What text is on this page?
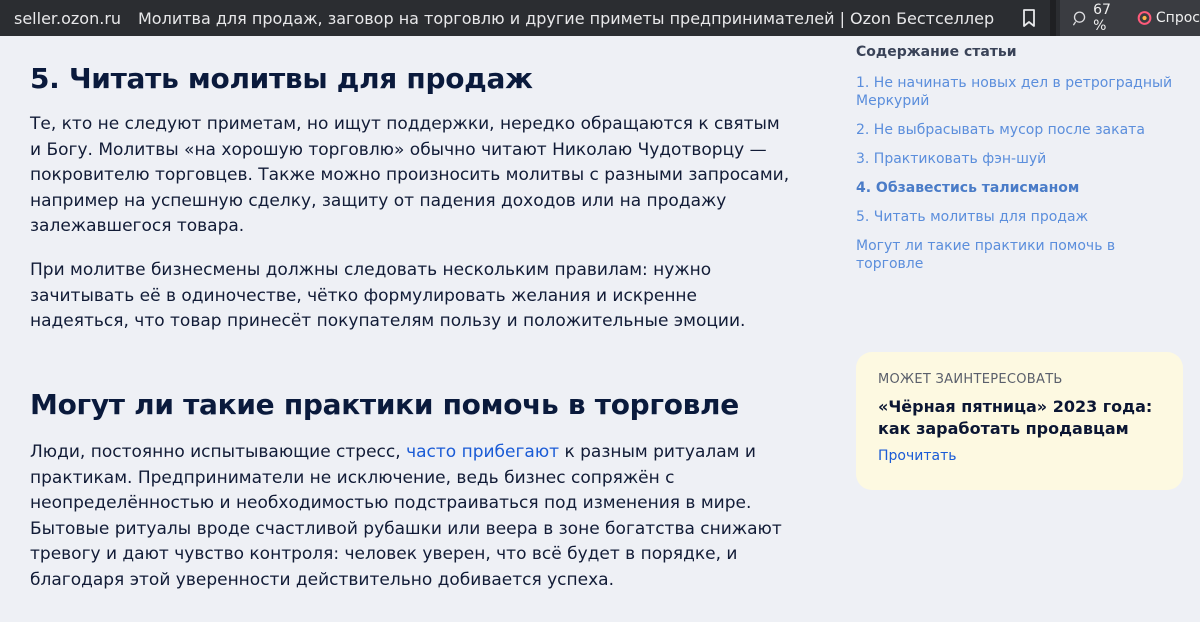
seller.ozon.ru	Молитва для продаж, заговор на торговлю и другие приметы предпринимателей | Ozon Бестселлер	67 %	Спрос
5. Читать молитвы для продаж

Те, кто не следуют приметам, но ищут поддержки, нередко обращаются к святым и Богу. Молитвы «на хорошую торговлю» обычно читают Николаю Чудотворцу — покровителю торговцев. Также можно произносить молитвы с разными запросами, например на успешную сделку, защиту от падения доходов или на продажу залежавшегося товара.

При молитве бизнесмены должны следовать нескольким правилам: нужно зачитывать её в одиночестве, чётко формулировать желания и искренне надеяться, что товар принесёт покупателям пользу и положительные эмоции.

Могут ли такие практики помочь в торговле

Люди, постоянно испытывающие стресс, часто прибегают к разным ритуалам и практикам. Предприниматели не исключение, ведь бизнес сопряжён с неопределённостью и необходимостью подстраиваться под изменения в мире. Бытовые ритуалы вроде счастливой рубашки или веера в зоне богатства снижают тревогу и дают чувство контроля: человек уверен, что всё будет в порядке, и благодаря этой уверенности действительно добивается успеха.

Содержание статьи
1. Не начинать новых дел в ретроградный Меркурий
2. Не выбрасывать мусор после заката
3. Практиковать фэн-шуй
4. Обзавестись талисманом
5. Читать молитвы для продаж
Могут ли такие практики помочь в торговле
МОЖЕТ ЗАИНТЕРЕСОВАТЬ
«Чёрная пятница» 2023 года: как заработать продавцам
Прочитать
